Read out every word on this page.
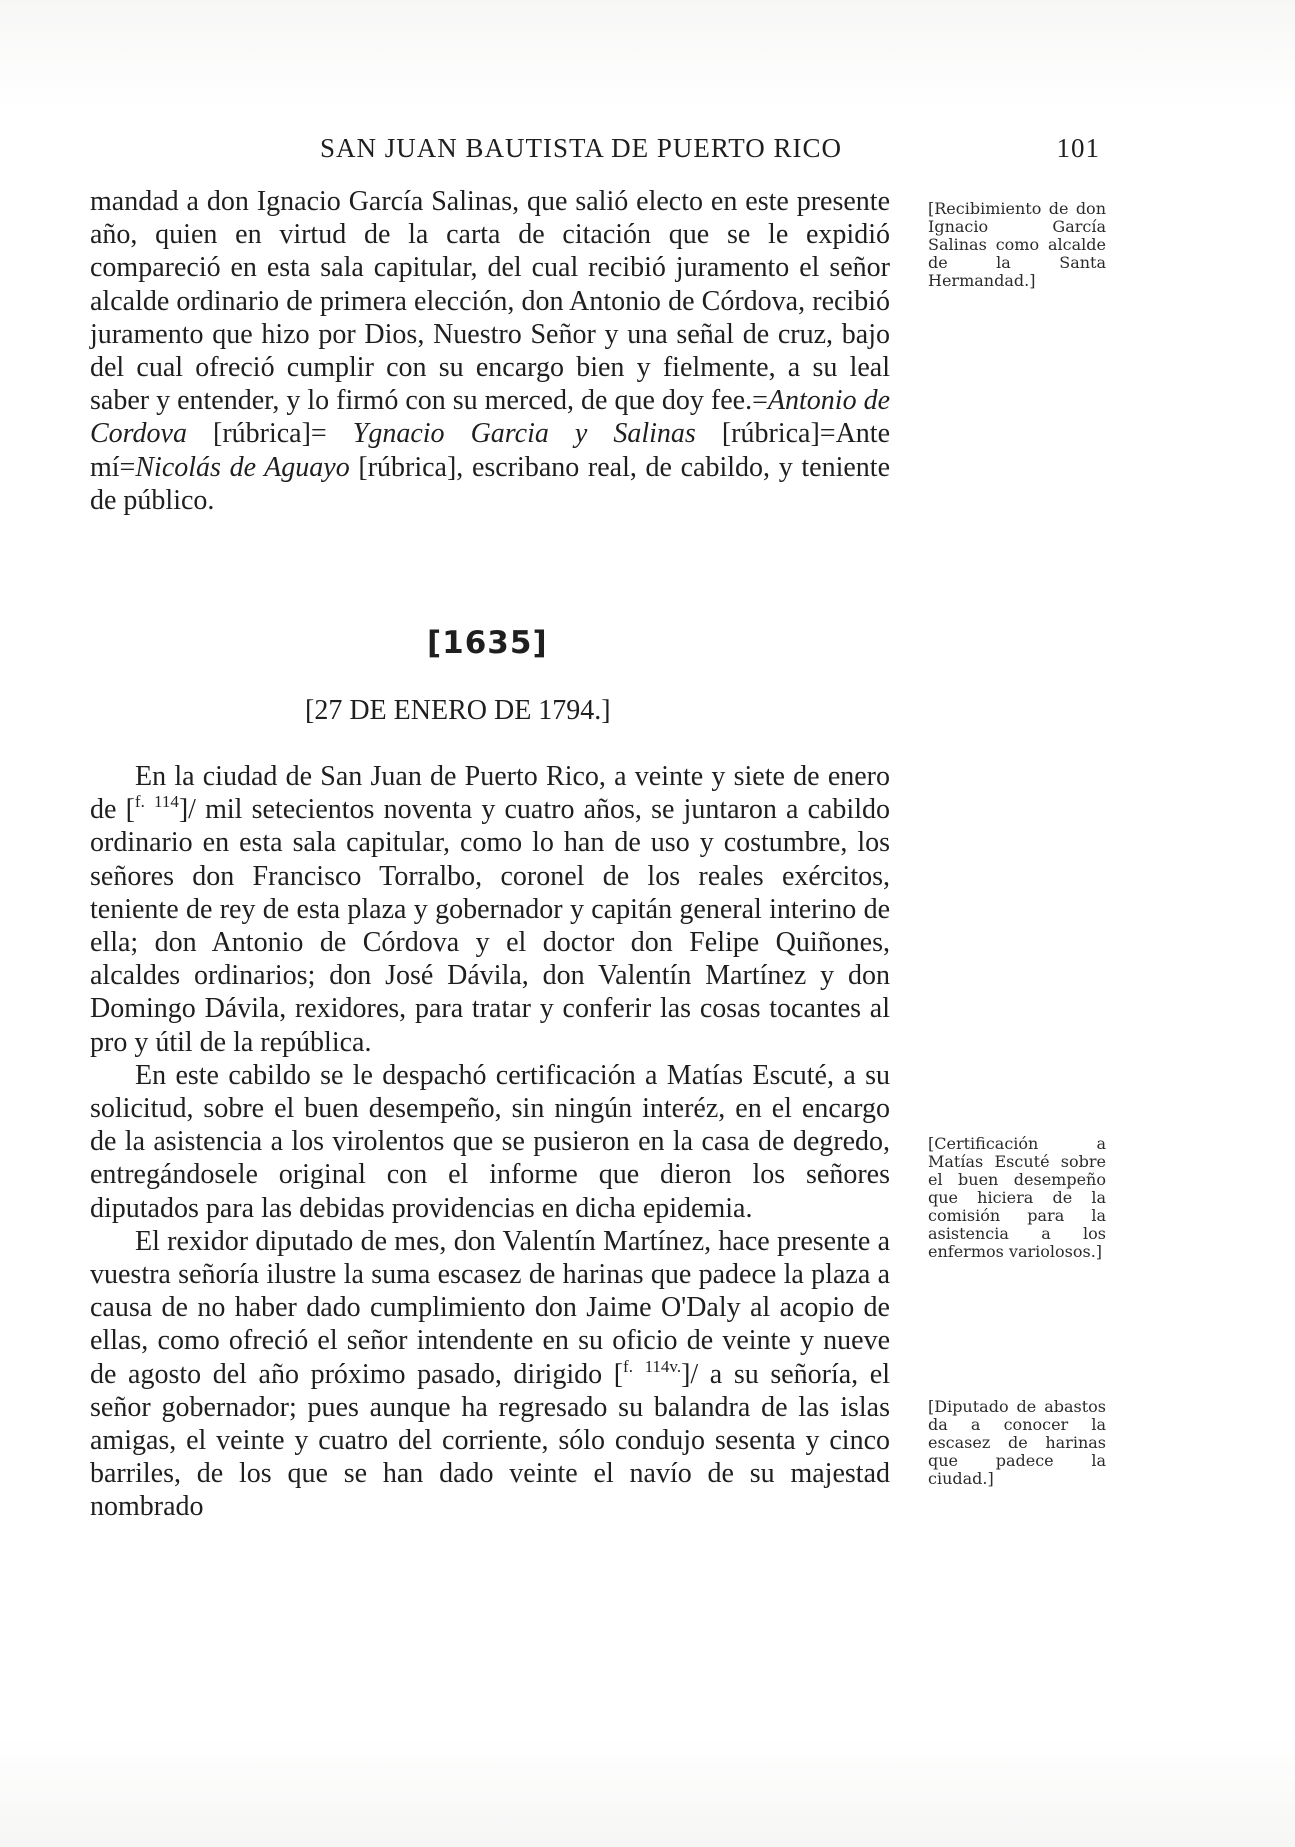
SAN JUAN BAUTISTA DE PUERTO RICO	101

mandad a don Ignacio García Salinas, que salió electo en este presente año, quien en virtud de la carta de citación que se le expidió compareció en esta sala capitular, del cual recibió juramento el señor alcalde ordinario de primera elección, don Antonio de Córdova, recibió juramento que hizo por Dios, Nuestro Señor y una señal de cruz, bajo del cual ofreció cumplir con su encargo bien y fielmente, a su leal saber y entender, y lo firmó con su merced, de que doy fee.=Antonio de Cordova [rúbrica]= Ygnacio Garcia y Salinas [rúbrica]=Ante mí=Nicolás de Aguayo [rúbrica], escribano real, de cabildo, y teniente de público.

[1635]
[27 DE ENERO DE 1794.]

En la ciudad de San Juan de Puerto Rico, a veinte y siete de enero de [$^{f.}$ $^{114}$]/ mil setecientos noventa y cuatro años, se juntaron a cabildo ordinario en esta sala capitular, como lo han de uso y costumbre, los señores don Francisco Torralbo, coronel de los reales exércitos, teniente de rey de esta plaza y gobernador y capitán general interino de ella; don Antonio de Córdova y el doctor don Felipe Quiñones, alcaldes ordinarios; don José Dávila, don Valentín Martínez y don Domingo Dávila, rexidores, para tratar y conferir las cosas tocantes al pro y útil de la república.

En este cabildo se le despachó certificación a Matías Escuté, a su solicitud, sobre el buen desempeño, sin ningún interéz, en el encargo de la asistencia a los virolentos que se pusieron en la casa de degredo, entregándosele original con el informe que dieron los señores diputados para las debidas providencias en dicha epidemia.

El rexidor diputado de mes, don Valentín Martínez, hace presente a vuestra señoría ilustre la suma escasez de harinas que padece la plaza a causa de no haber dado cumplimiento don Jaime O'Daly al acopio de ellas, como ofreció el señor intendente en su oficio de veinte y nueve de agosto del año próximo pasado, dirigido [$^{f.}$ $^{114v.}$]/ a su señoría, el señor gobernador; pues aunque ha regresado su balandra de las islas amigas, el veinte y cuatro del corriente, sólo condujo sesenta y cinco barriles, de los que se han dado veinte el navío de su majestad nombrado

[Recibimiento de don Ignacio García Salinas como alcalde de la Santa Hermandad.]
[Certificación a Matías Escuté sobre el buen desempeño que hiciera de la comisión para la asistencia a los enfermos variolosos.]
[Diputado de abastos da a conocer la escasez de harinas que padece la ciudad.]
